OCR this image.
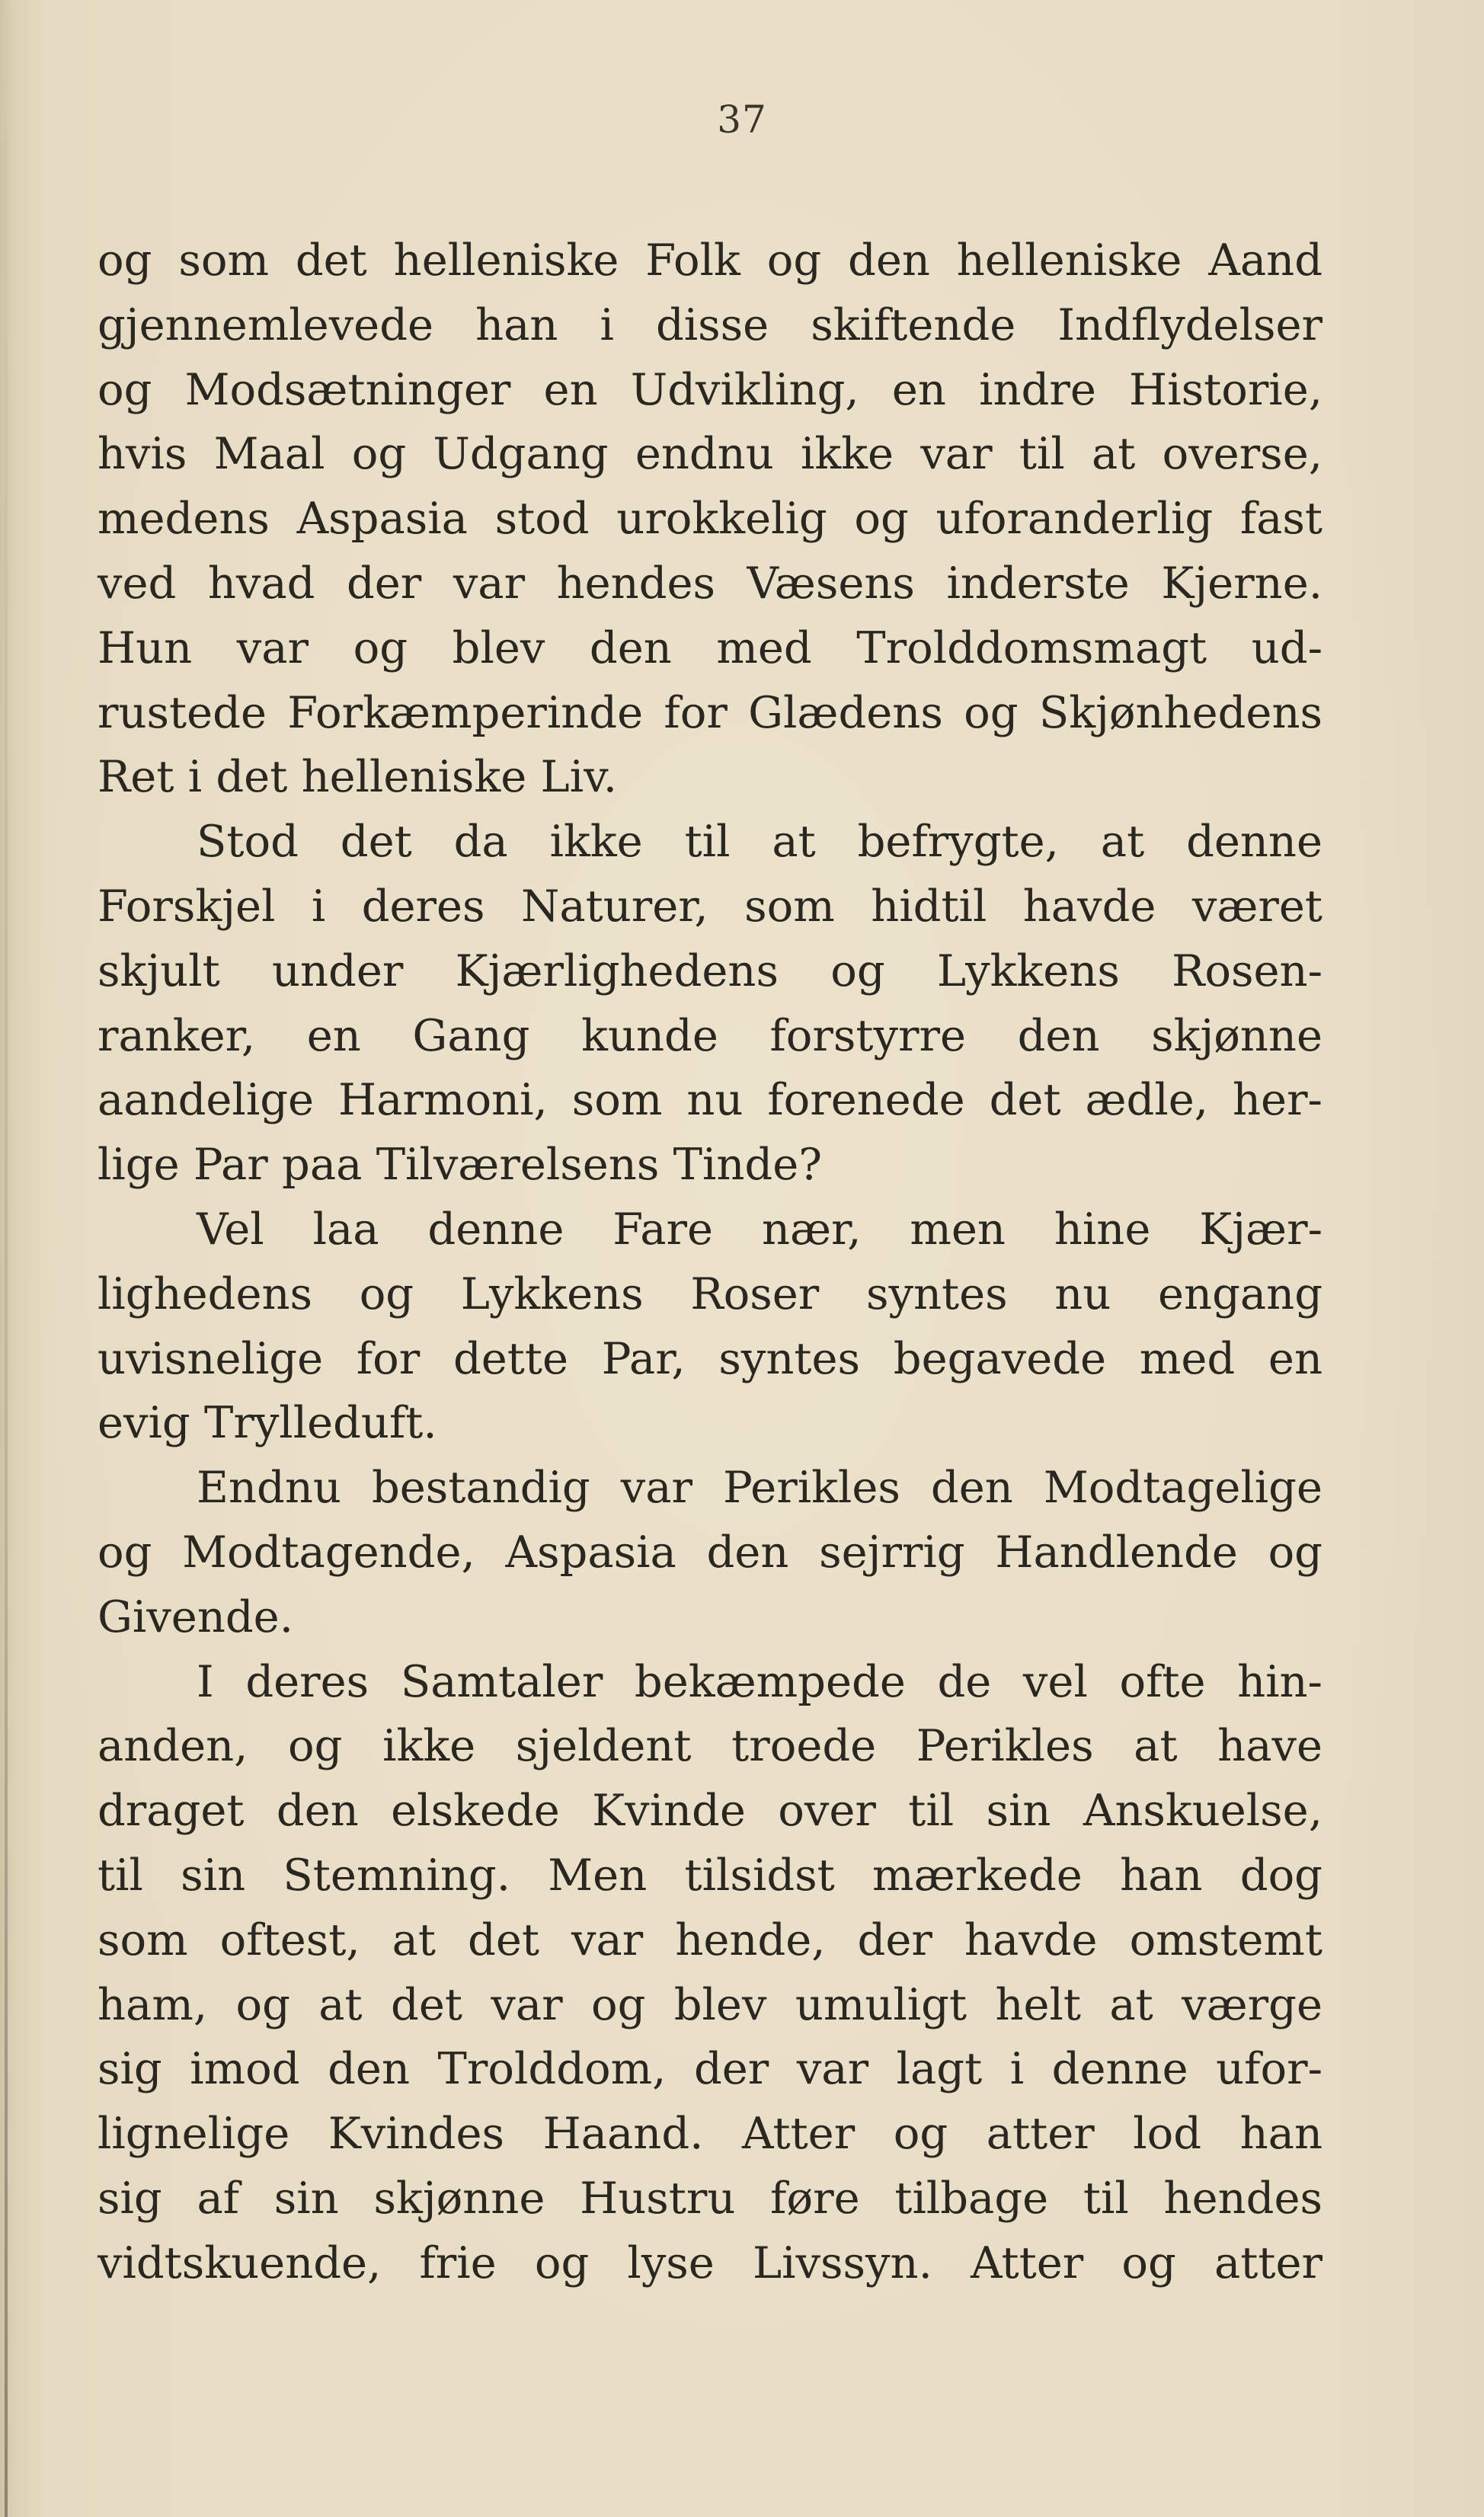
37
og som det helleniske Folk og den helleniske Aand
gjennemlevede han i disse skiftende Indflydelser
og Modsætninger en Udvikling, en indre Historie,
hvis Maal og Udgang endnu ikke var til at overse,
medens Aspasia stod urokkelig og uforanderlig fast
ved hvad der var hendes Væsens inderste Kjerne.
Hun var og blev den med Trolddomsmagt ud-
rustede Forkæmperinde for Glædens og Skjønhedens
Ret i det helleniske Liv.
Stod det da ikke til at befrygte, at denne
Forskjel i deres Naturer, som hidtil havde været
skjult under Kjærlighedens og Lykkens Rosen-
ranker, en Gang kunde forstyrre den skjønne
aandelige Harmoni, som nu forenede det ædle, her-
lige Par paa Tilværelsens Tinde?
Vel laa denne Fare nær, men hine Kjær-
lighedens og Lykkens Roser syntes nu engang
uvisnelige for dette Par, syntes begavede med en
evig Trylleduft.
Endnu bestandig var Perikles den Modtagelige
og Modtagende, Aspasia den sejrrig Handlende og
Givende.
I deres Samtaler bekæmpede de vel ofte hin-
anden, og ikke sjeldent troede Perikles at have
draget den elskede Kvinde over til sin Anskuelse,
til sin Stemning. Men tilsidst mærkede han dog
som oftest, at det var hende, der havde omstemt
ham, og at det var og blev umuligt helt at værge
sig imod den Trolddom, der var lagt i denne ufor-
lignelige Kvindes Haand. Atter og atter lod han
sig af sin skjønne Hustru føre tilbage til hendes
vidtskuende, frie og lyse Livssyn. Atter og atter
